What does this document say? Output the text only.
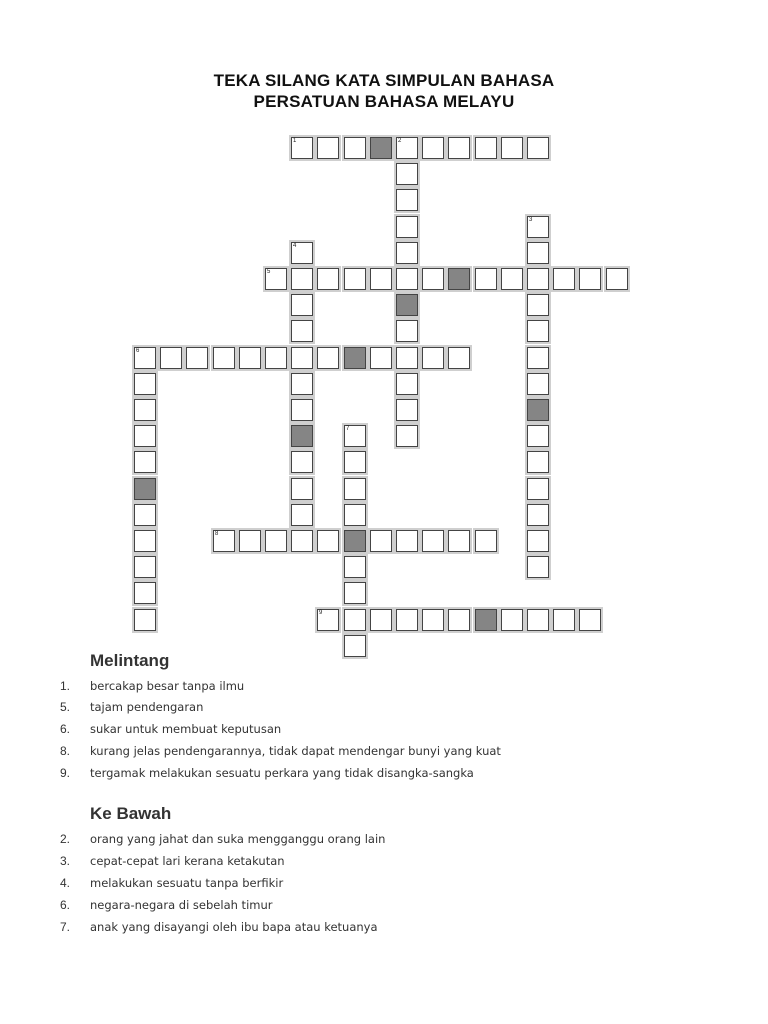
TEKA SILANG KATA SIMPULAN BAHASA
PERSATUAN BAHASA MELAYU
1	2
5
6
8
9
3
4
7
Melintang
1. bercakap besar tanpa ilmu
5. tajam pendengaran
6. sukar untuk membuat keputusan
8. kurang jelas pendengarannya, tidak dapat mendengar bunyi yang kuat
9. tergamak melakukan sesuatu perkara yang tidak disangka-sangka
Ke Bawah
2. orang yang jahat dan suka mengganggu orang lain
3. cepat-cepat lari kerana ketakutan
4. melakukan sesuatu tanpa berfikir
6. negara-negara di sebelah timur
7. anak yang disayangi oleh ibu bapa atau ketuanya
